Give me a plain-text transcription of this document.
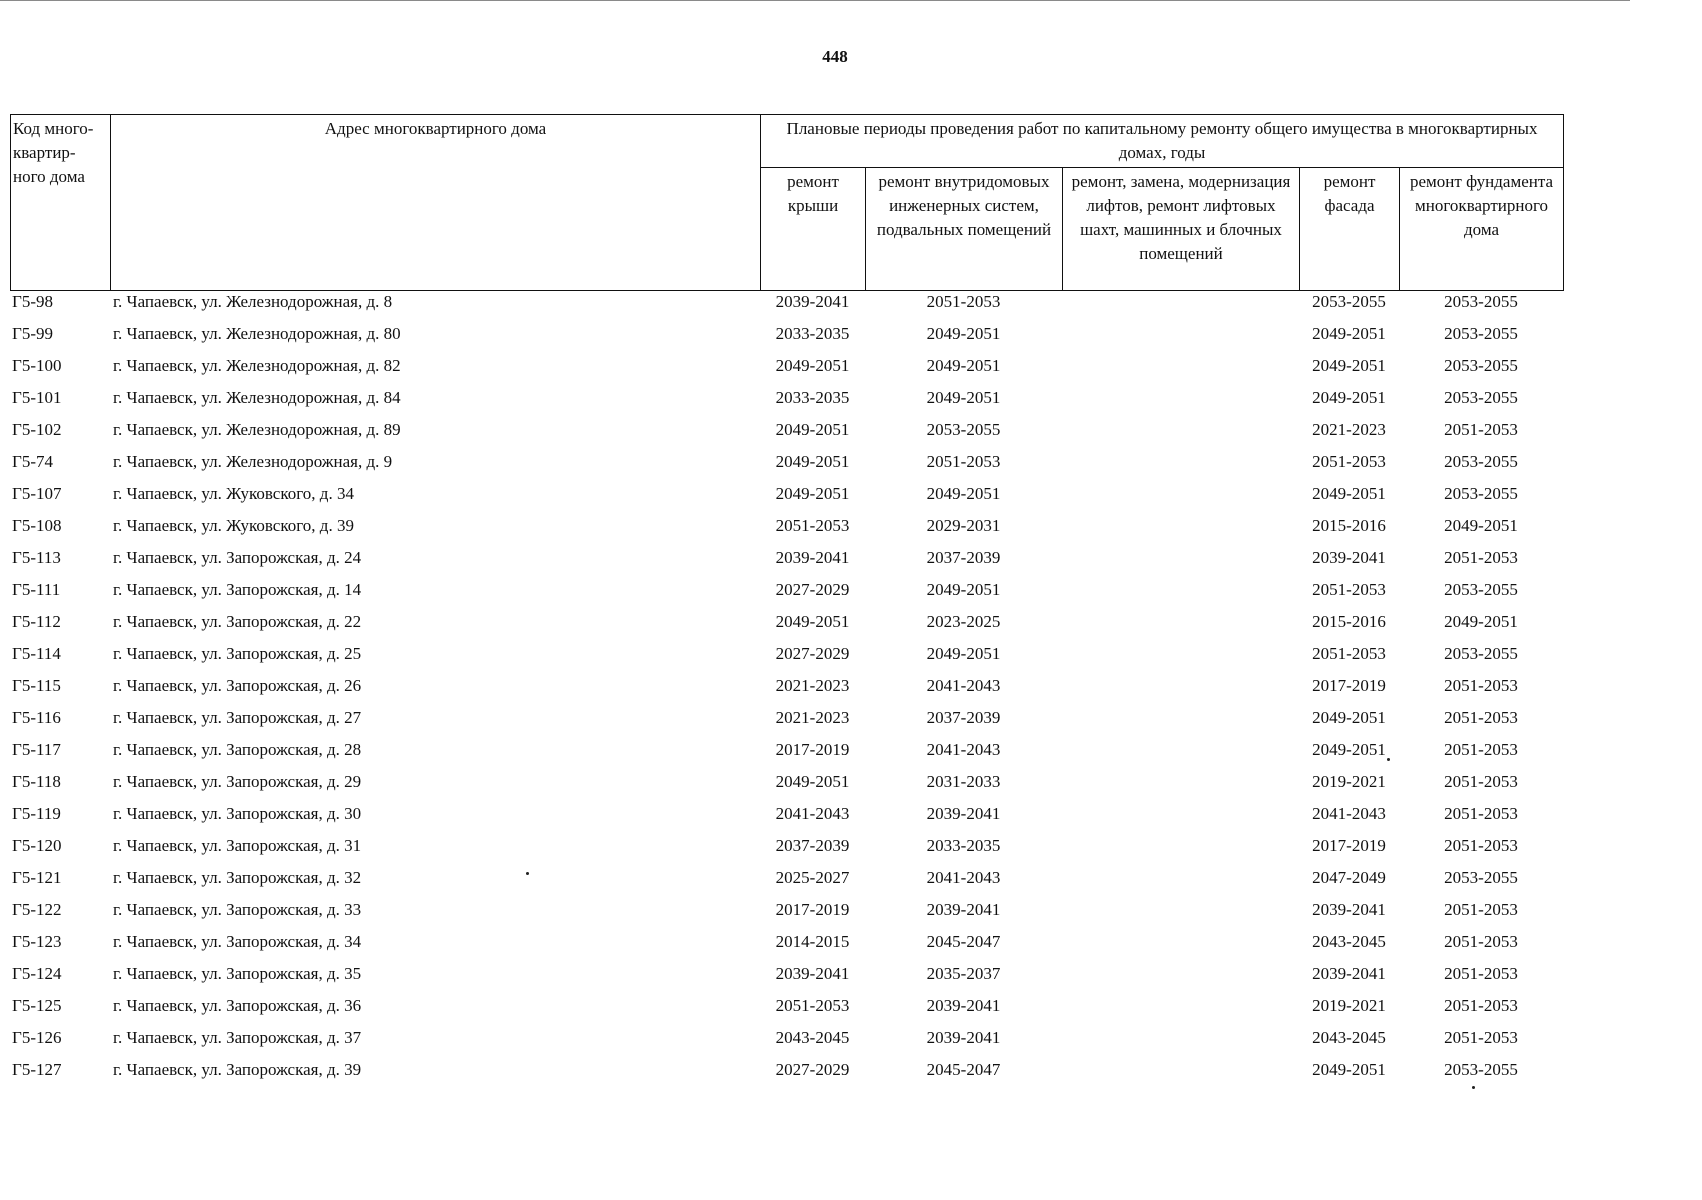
448
Код много-квартир-ного дома	Адрес многоквартирного дома	Плановые периоды проведения работ по капитальному ремонту общего имущества в многоквартирных домах, годы				
		ремонт крыши	ремонт внутридомовых инженерных систем, подвальных помещений	ремонт, замена, модернизация лифтов, ремонт лифтовых шахт, машинных и блочных помещений	ремонт фасада	ремонт фундамента многоквартирного дома
Г5-98	г. Чапаевск, ул. Железнодорожная, д. 8	2039-2041	2051-2053		2053-2055	2053-2055
Г5-99	г. Чапаевск, ул. Железнодорожная, д. 80	2033-2035	2049-2051		2049-2051	2053-2055
Г5-100	г. Чапаевск, ул. Железнодорожная, д. 82	2049-2051	2049-2051		2049-2051	2053-2055
Г5-101	г. Чапаевск, ул. Железнодорожная, д. 84	2033-2035	2049-2051		2049-2051	2053-2055
Г5-102	г. Чапаевск, ул. Железнодорожная, д. 89	2049-2051	2053-2055		2021-2023	2051-2053
Г5-74	г. Чапаевск, ул. Железнодорожная, д. 9	2049-2051	2051-2053		2051-2053	2053-2055
Г5-107	г. Чапаевск, ул. Жуковского, д. 34	2049-2051	2049-2051		2049-2051	2053-2055
Г5-108	г. Чапаевск, ул. Жуковского, д. 39	2051-2053	2029-2031		2015-2016	2049-2051
Г5-113	г. Чапаевск, ул. Запорожская, д. 24	2039-2041	2037-2039		2039-2041	2051-2053
Г5-111	г. Чапаевск, ул. Запорожская, д. 14	2027-2029	2049-2051		2051-2053	2053-2055
Г5-112	г. Чапаевск, ул. Запорожская, д. 22	2049-2051	2023-2025		2015-2016	2049-2051
Г5-114	г. Чапаевск, ул. Запорожская, д. 25	2027-2029	2049-2051		2051-2053	2053-2055
Г5-115	г. Чапаевск, ул. Запорожская, д. 26	2021-2023	2041-2043		2017-2019	2051-2053
Г5-116	г. Чапаевск, ул. Запорожская, д. 27	2021-2023	2037-2039		2049-2051	2051-2053
Г5-117	г. Чапаевск, ул. Запорожская, д. 28	2017-2019	2041-2043		2049-2051	2051-2053
Г5-118	г. Чапаевск, ул. Запорожская, д. 29	2049-2051	2031-2033		2019-2021	2051-2053
Г5-119	г. Чапаевск, ул. Запорожская, д. 30	2041-2043	2039-2041		2041-2043	2051-2053
Г5-120	г. Чапаевск, ул. Запорожская, д. 31	2037-2039	2033-2035		2017-2019	2051-2053
Г5-121	г. Чапаевск, ул. Запорожская, д. 32	2025-2027	2041-2043		2047-2049	2053-2055
Г5-122	г. Чапаевск, ул. Запорожская, д. 33	2017-2019	2039-2041		2039-2041	2051-2053
Г5-123	г. Чапаевск, ул. Запорожская, д. 34	2014-2015	2045-2047		2043-2045	2051-2053
Г5-124	г. Чапаевск, ул. Запорожская, д. 35	2039-2041	2035-2037		2039-2041	2051-2053
Г5-125	г. Чапаевск, ул. Запорожская, д. 36	2051-2053	2039-2041		2019-2021	2051-2053
Г5-126	г. Чапаевск, ул. Запорожская, д. 37	2043-2045	2039-2041		2043-2045	2051-2053
Г5-127	г. Чапаевск, ул. Запорожская, д. 39	2027-2029	2045-2047		2049-2051	2053-2055
